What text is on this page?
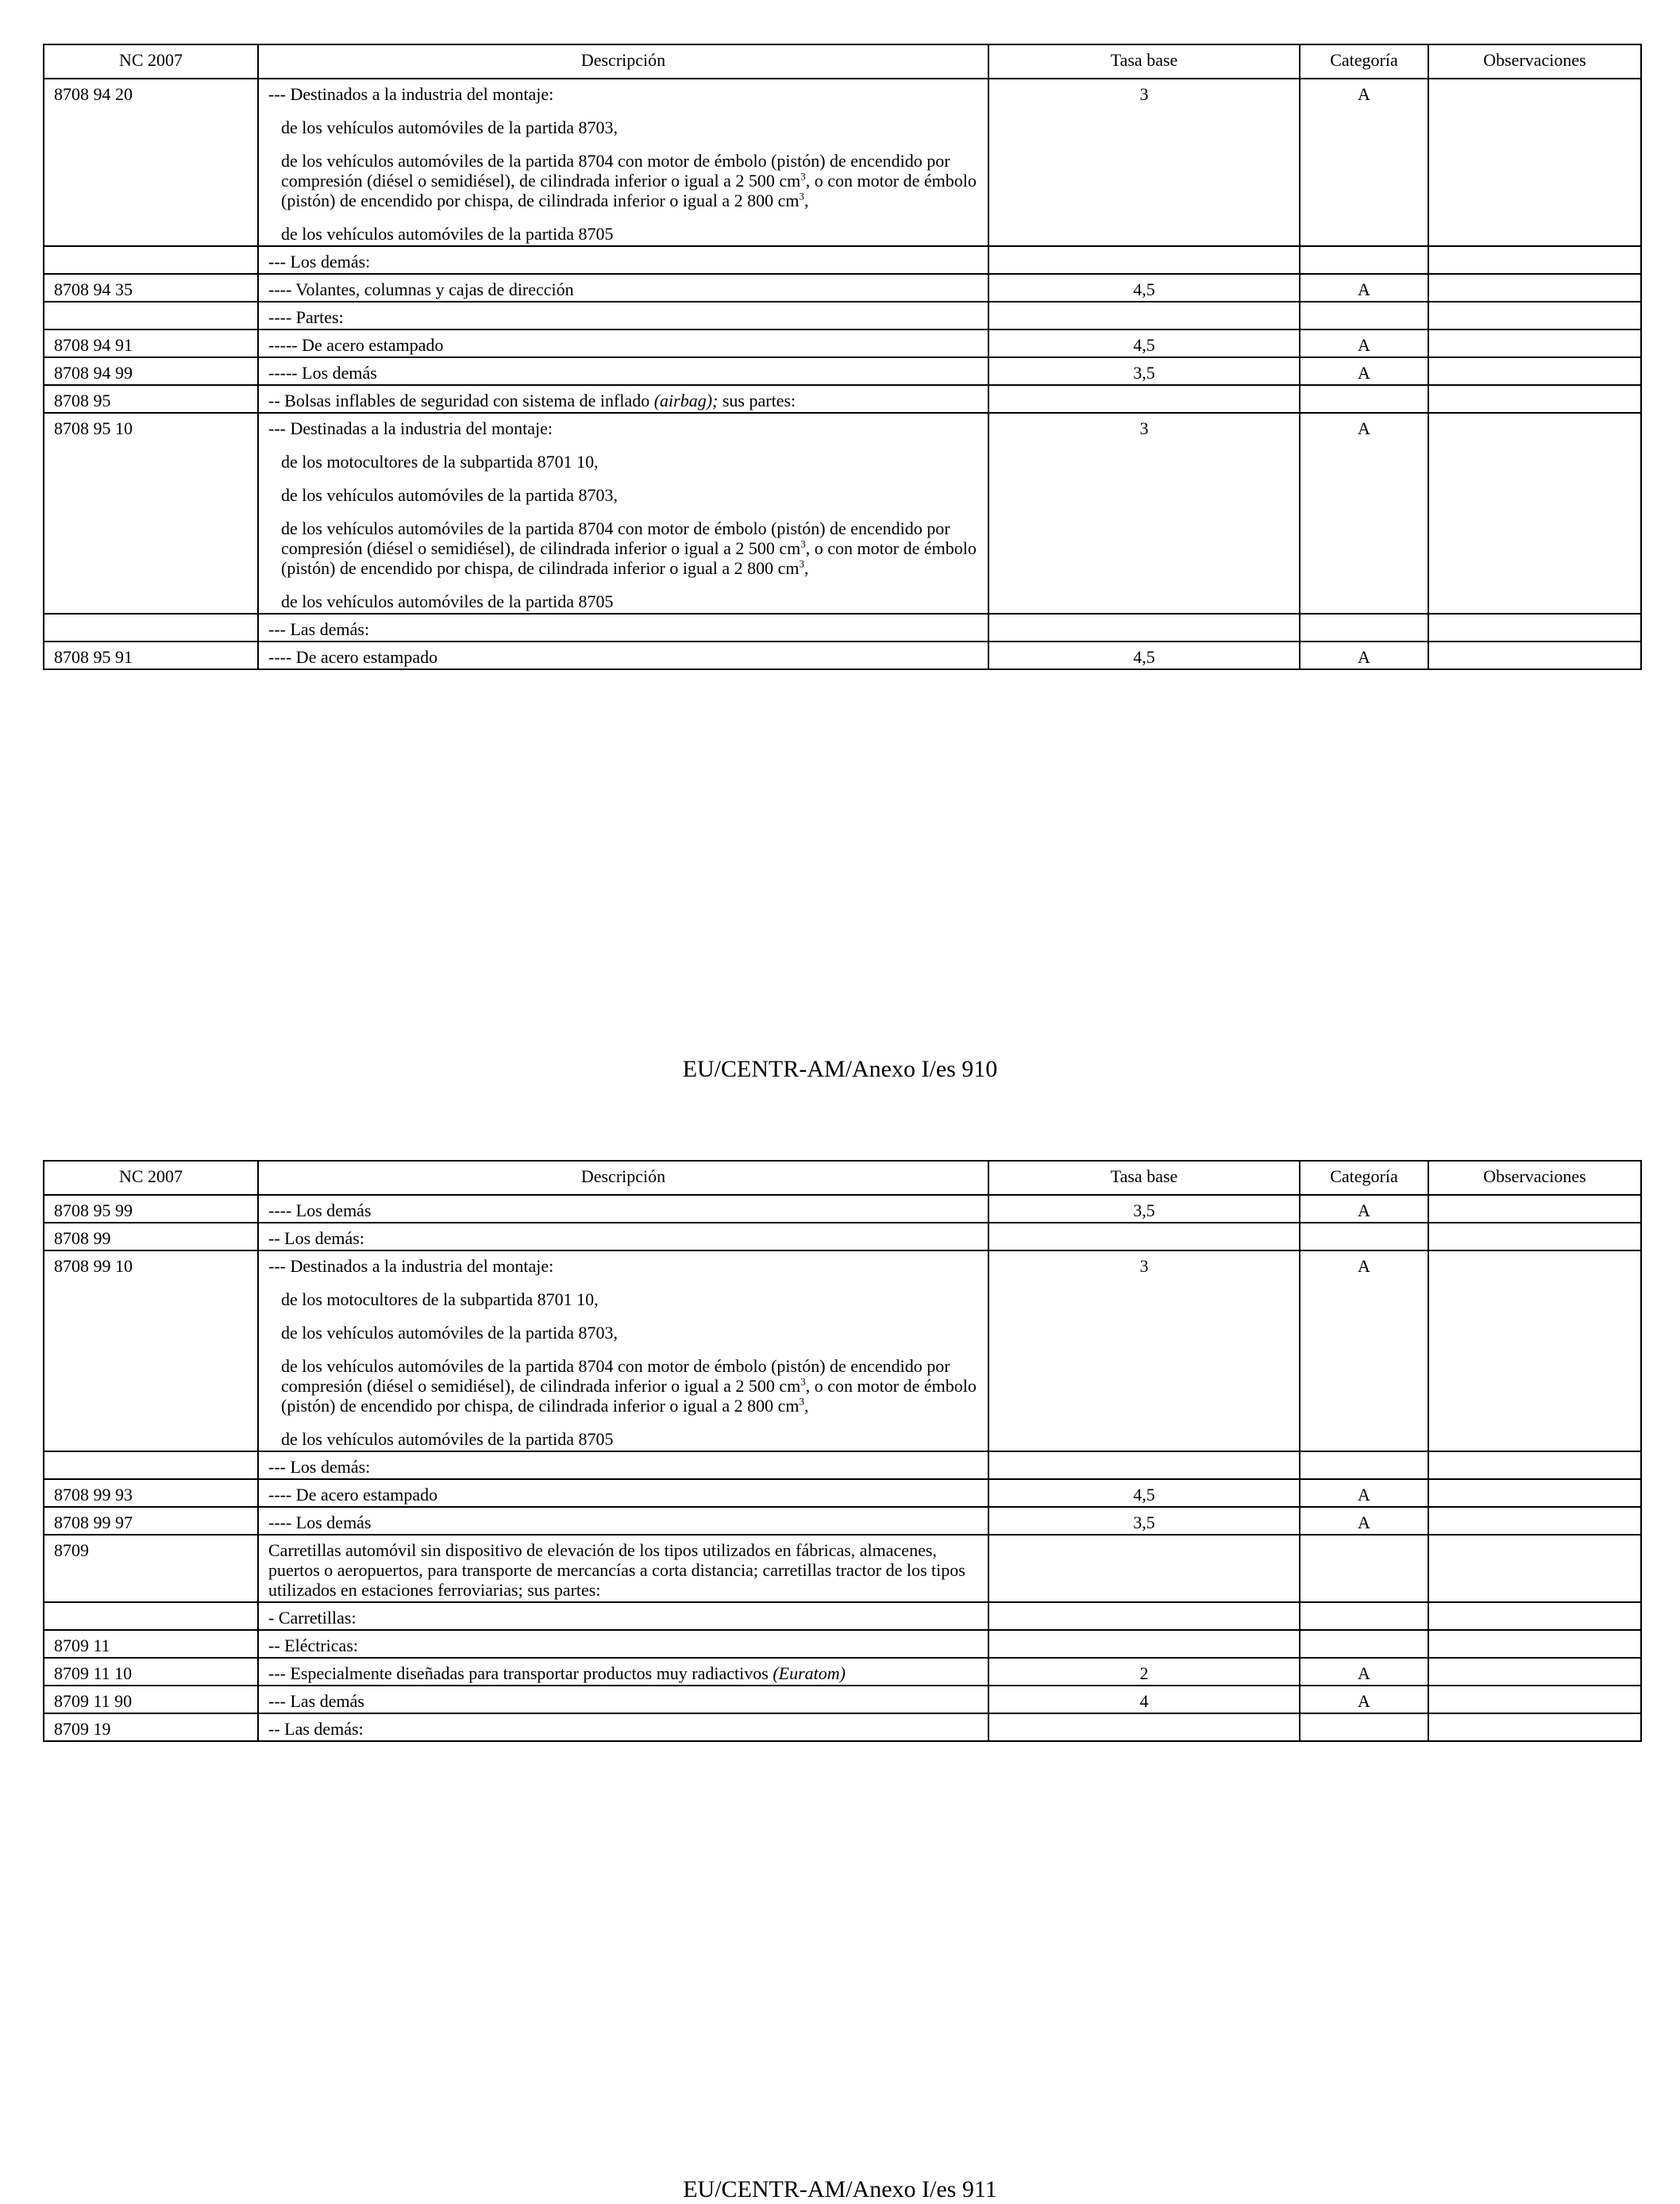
NC 2007	Descripción	Tasa base	Categoría	Observaciones
8708 94 20	--- Destinados a la industria del montaje:
de los vehículos automóviles de la partida 8703,
de los vehículos automóviles de la partida 8704 con motor de émbolo (pistón) de encendido por compresión (diésel o semidiésel), de cilindrada inferior o igual a 2 500 $cm^3$, o con motor de émbolo (pistón) de encendido por chispa, de cilindrada inferior o igual a 2 800 $cm^3$,
de los vehículos automóviles de la partida 8705	3	A	
	--- Los demás:			
8708 94 35	---- Volantes, columnas y cajas de dirección	4,5	A	
	---- Partes:			
8708 94 91	----- De acero estampado	4,5	A	
8708 94 99	----- Los demás	3,5	A	
8708 95	-- Bolsas inflables de seguridad con sistema de inflado (airbag); sus partes:			
8708 95 10	--- Destinadas a la industria del montaje:
de los motocultores de la subpartida 8701 10,
de los vehículos automóviles de la partida 8703,
de los vehículos automóviles de la partida 8704 con motor de émbolo (pistón) de encendido por compresión (diésel o semidiésel), de cilindrada inferior o igual a 2 500 $cm^3$, o con motor de émbolo (pistón) de encendido por chispa, de cilindrada inferior o igual a 2 800 $cm^3$,
de los vehículos automóviles de la partida 8705	3	A	
	--- Las demás:			
8708 95 91	---- De acero estampado	4,5	A	
EU/CENTR-AM/Anexo I/es 910
NC 2007	Descripción	Tasa base	Categoría	Observaciones
8708 95 99	---- Los demás	3,5	A	
8708 99	-- Los demás:			
8708 99 10	--- Destinados a la industria del montaje:
de los motocultores de la subpartida 8701 10,
de los vehículos automóviles de la partida 8703,
de los vehículos automóviles de la partida 8704 con motor de émbolo (pistón) de encendido por compresión (diésel o semidiésel), de cilindrada inferior o igual a 2 500 $cm^3$, o con motor de émbolo (pistón) de encendido por chispa, de cilindrada inferior o igual a 2 800 $cm^3$,
de los vehículos automóviles de la partida 8705	3	A	
	--- Los demás:			
8708 99 93	---- De acero estampado	4,5	A	
8708 99 97	---- Los demás	3,5	A	
8709	Carretillas automóvil sin dispositivo de elevación de los tipos utilizados en fábricas, almacenes, puertos o aeropuertos, para transporte de mercancías a corta distancia; carretillas tractor de los tipos utilizados en estaciones ferroviarias; sus partes:			
	- Carretillas:			
8709 11	-- Eléctricas:			
8709 11 10	--- Especialmente diseñadas para transportar productos muy radiactivos (Euratom)	2	A	
8709 11 90	--- Las demás	4	A	
8709 19	-- Las demás:			
EU/CENTR-AM/Anexo I/es 911
